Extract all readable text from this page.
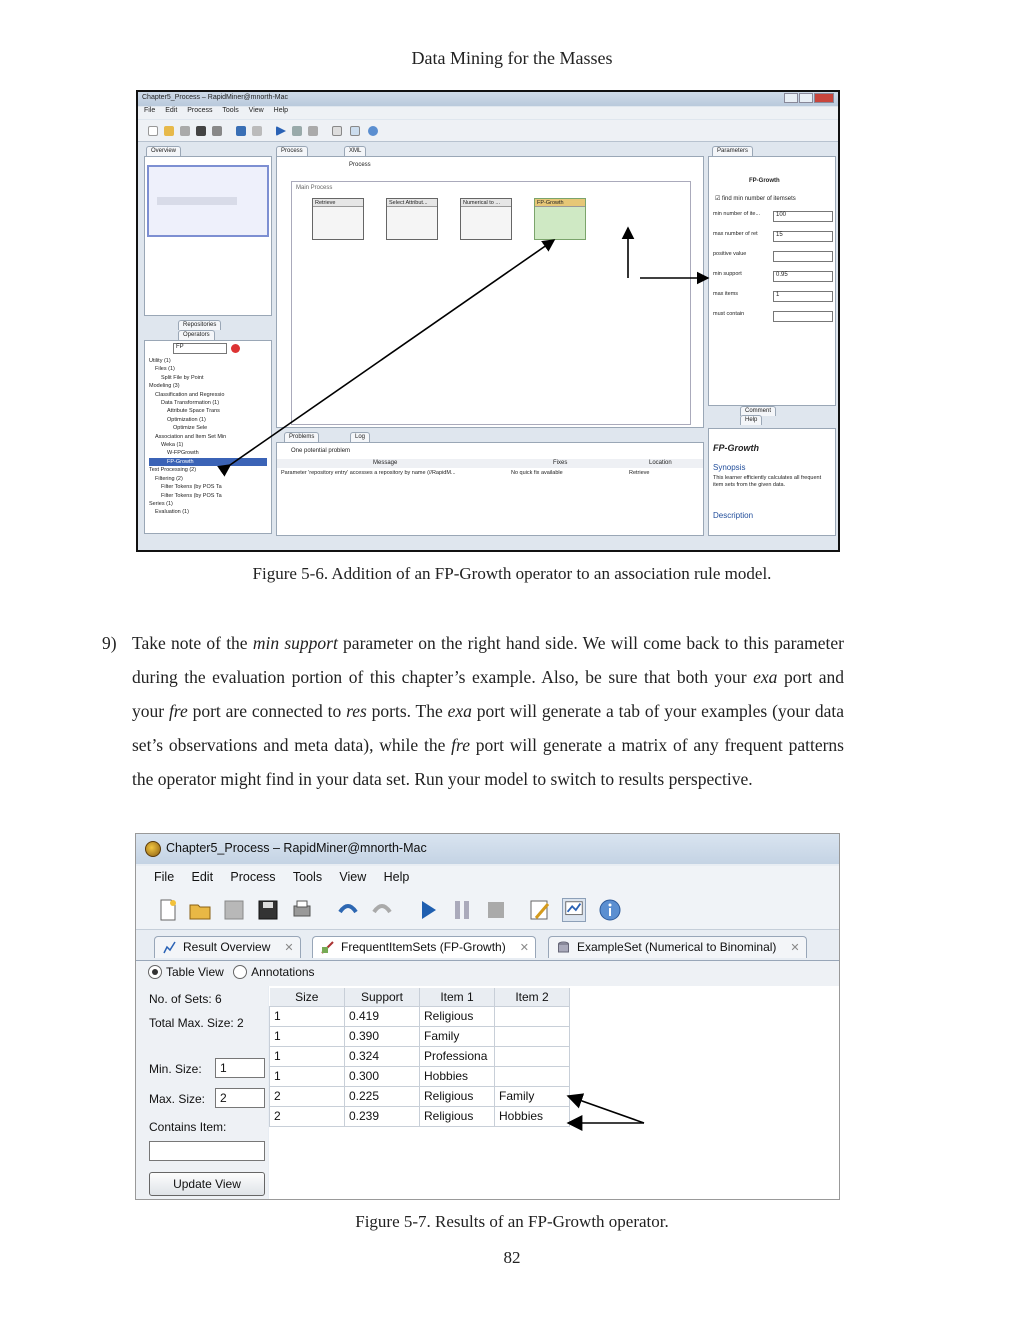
Data Mining for the Masses
Chapter5_Process – RapidMiner@mnorth-Mac
File Edit Process Tools View Help
Overview
Repositories
Operators
FP
Utility (1)
Files (1)
Split File by Point
Modeling (3)
Classification and Regressio
Data Transformation (1)
Attribute Space Trans
Optimization (1)
Optimize Sele
Association and Item Set Min
Weka (1)
W-FPGrowth
FP-Growth
Text Processing (2)
Filtering (2)
Filter Tokens (by POS Ta
Filter Tokens (by POS Ta
Series (1)
Evaluation (1)
Process	XML
Process
Main Process
Retrieve	Select Attribut...	Numerical to ...	FP-Growth
Parameters
FP-Growth
☑ find min number of itemsets
min number of ite...	100
max number of ret	15
positive value
min support	0.95
max items	1
must contain
Comment
Help
FP-Growth
Synopsis
This learner efficiently calculates all frequent item sets from the given data.
Description
Problems	Log
One potential problem
Message	Fixes	Location
Parameter 'repository entry' accesses a repository by name (//RapidM...	No quick fix available	Retrieve
Figure 5-6. Addition of an FP-Growth operator to an association rule model.
9) Take note of the min support parameter on the right hand side. We will come back to this parameter during the evaluation portion of this chapter’s example. Also, be sure that both your exa port and your fre port are connected to res ports. The exa port will generate a tab of your examples (your data set’s observations and meta data), while the fre port will generate a matrix of any frequent patterns the operator might find in your data set. Run your model to switch to results perspective.

Chapter5_Process – RapidMiner@mnorth-Mac
File Edit Process Tools View Help
Result Overview ✕	FrequentItemSets (FP-Growth) ✕	ExampleSet (Numerical to Binominal) ✕
Table View Annotations
No. of Sets: 6
Total Max. Size: 2
Min. Size:	1
Max. Size:	2
Contains Item:
Update View
Size	Support	Item 1	Item 2
1	0.419	Religious	
1	0.390	Family	
1	0.324	Professiona	
1	0.300	Hobbies	
2	0.225	Religious	Family
2	0.239	Religious	Hobbies
Figure 5-7. Results of an FP-Growth operator.
82
